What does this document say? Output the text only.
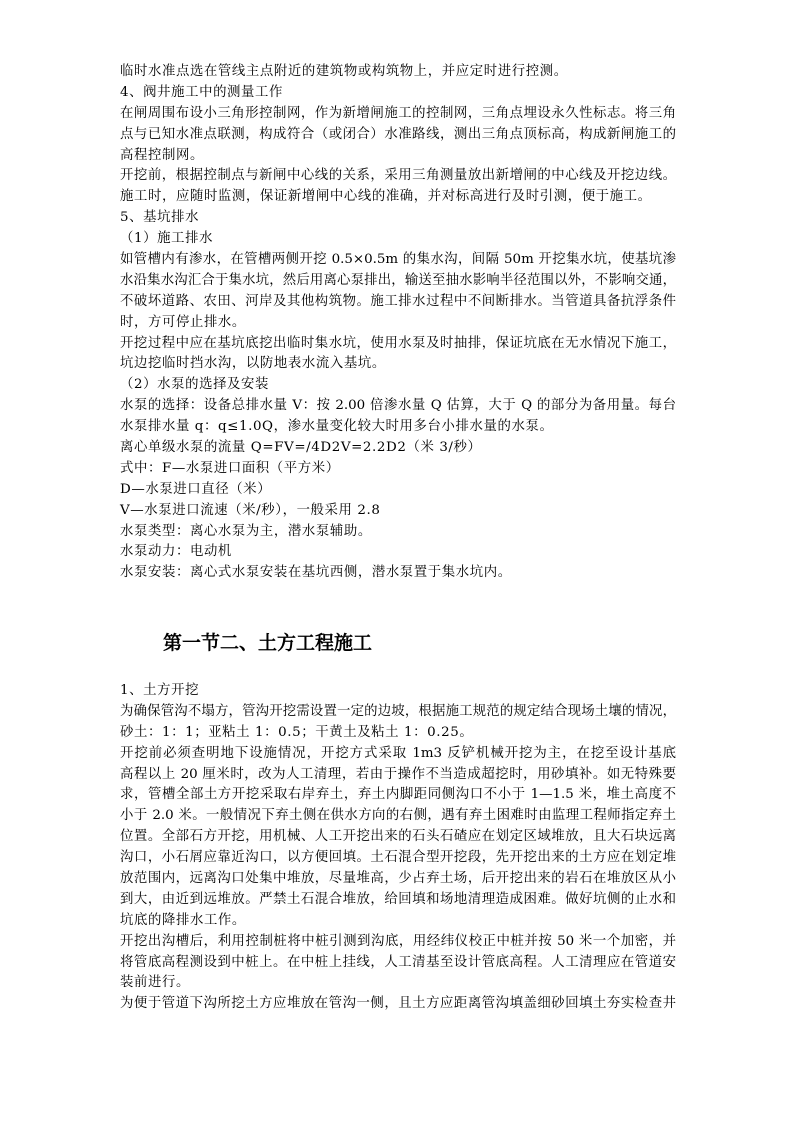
临时水准点选在管线主点附近的建筑物或构筑物上，并应定时进行控测。
4、阀井施工中的测量工作
在闸周围布设小三角形控制网，作为新增闸施工的控制网，三角点埋设永久性标志。将三角
点与已知水准点联测，构成符合（或闭合）水准路线，测出三角点顶标高，构成新闸施工的
高程控制网。
开挖前，根据控制点与新闸中心线的关系，采用三角测量放出新增闸的中心线及开挖边线。
施工时，应随时监测，保证新增闸中心线的准确，并对标高进行及时引测，便于施工。
5、基坑排水
（1）施工排水
如管槽内有渗水，在管槽两侧开挖 0.5×0.5m 的集水沟，间隔 50m 开挖集水坑，使基坑渗
水沿集水沟汇合于集水坑，然后用离心泵排出，输送至抽水影响半径范围以外，不影响交通，
不破坏道路、农田、河岸及其他构筑物。施工排水过程中不间断排水。当管道具备抗浮条件
时，方可停止排水。
开挖过程中应在基坑底挖出临时集水坑，使用水泵及时抽排，保证坑底在无水情况下施工，
坑边挖临时挡水沟，以防地表水流入基坑。
（2）水泵的选择及安装
水泵的选择：设备总排水量 V：按 2.00 倍渗水量 Q 估算，大于 Q 的部分为备用量。每台
水泵排水量 q：q≤1.0Q，渗水量变化较大时用多台小排水量的水泵。
离心单级水泵的流量 Q=FV=/4D2V=2.2D2（米 3/秒）
式中：F—水泵进口面积（平方米）
D—水泵进口直径（米）
V—水泵进口流速（米/秒），一般采用 2.8
水泵类型：离心水泵为主，潜水泵辅助。
水泵动力：电动机
水泵安装：离心式水泵安装在基坑西侧，潜水泵置于集水坑内。
第一节二、土方工程施工
1、土方开挖
为确保管沟不塌方，管沟开挖需设置一定的边坡，根据施工规范的规定结合现场土壤的情况，
砂土：1：1；亚粘土 1：0.5；干黄土及粘土 1：0.25。
开挖前必须查明地下设施情况，开挖方式采取 1m3 反铲机械开挖为主，在挖至设计基底
高程以上 20 厘米时，改为人工清理，若由于操作不当造成超挖时，用砂填补。如无特殊要
求，管槽全部土方开挖采取右岸弃土，弃土内脚距同侧沟口不小于 1—1.5 米，堆土高度不
小于 2.0 米。一般情况下弃土侧在供水方向的右侧，遇有弃土困难时由监理工程师指定弃土
位置。全部石方开挖，用机械、人工开挖出来的石头石碴应在划定区域堆放，且大石块远离
沟口，小石屑应靠近沟口，以方便回填。土石混合型开挖段，先开挖出来的土方应在划定堆
放范围内，远离沟口处集中堆放，尽量堆高，少占弃土场，后开挖出来的岩石在堆放区从小
到大，由近到远堆放。严禁土石混合堆放，给回填和场地清理造成困难。做好坑侧的止水和
坑底的降排水工作。
开挖出沟槽后，利用控制桩将中桩引测到沟底，用经纬仪校正中桩并按 50 米一个加密，并
将管底高程测设到中桩上。在中桩上挂线，人工清基至设计管底高程。人工清理应在管道安
装前进行。
为便于管道下沟所挖土方应堆放在管沟一侧，且土方应距离管沟填盖细砂回填土夯实检查井
